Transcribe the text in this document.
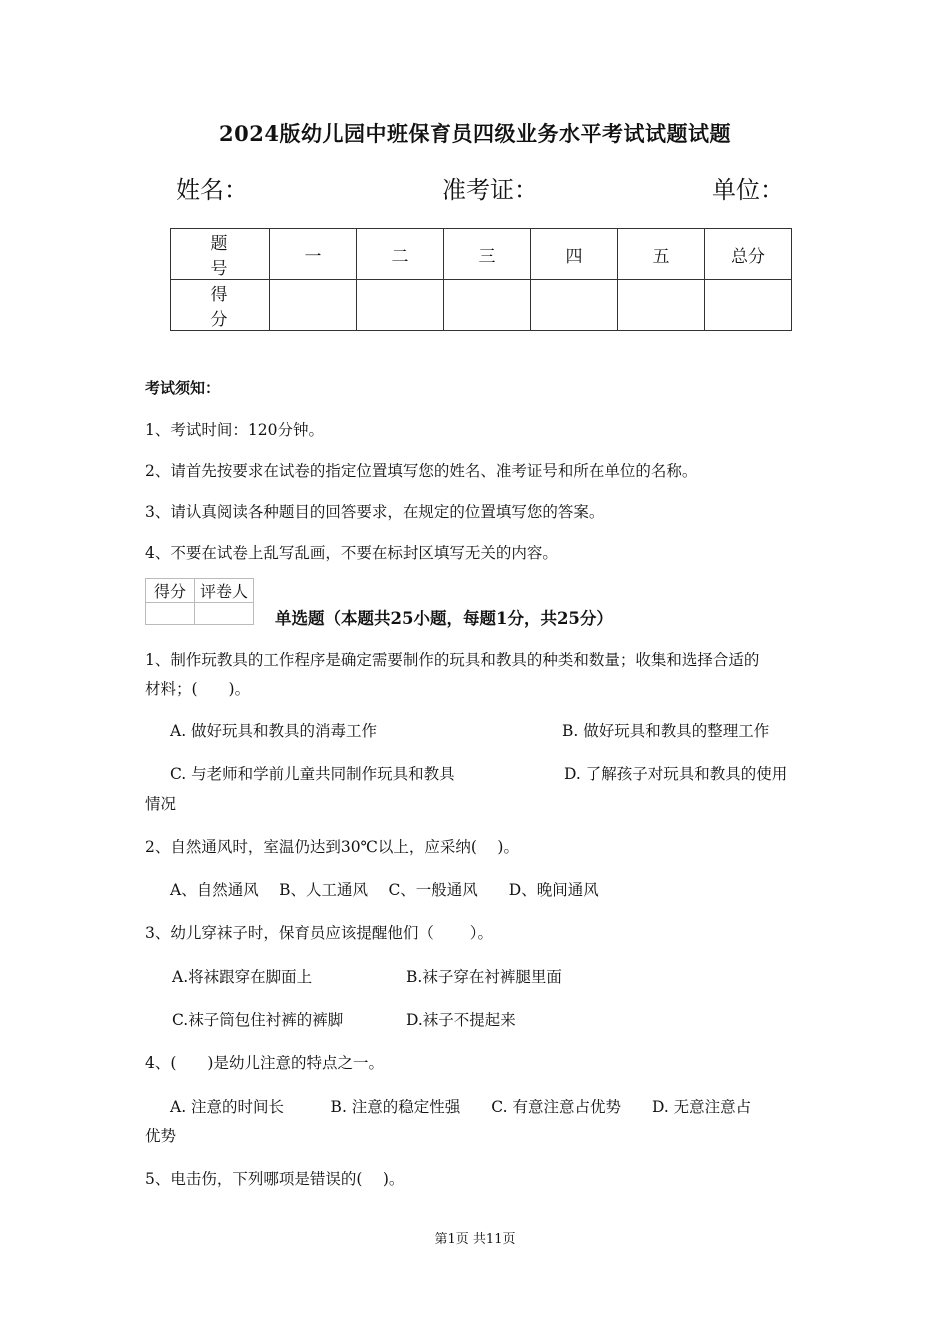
2024版幼儿园中班保育员四级业务水平考试试题试题
姓名：	准考证：	单位：
题　号	一	二	三	四	五	总分
得　分						
考试须知：
1、考试时间：120分钟。
2、请首先按要求在试卷的指定位置填写您的姓名、准考证号和所在单位的名称。
3、请认真阅读各种题目的回答要求，在规定的位置填写您的答案。
4、不要在试卷上乱写乱画，不要在标封区填写无关的内容。
得分	评卷人

单选题（本题共25小题，每题1分，共25分）
1、制作玩教具的工作程序是确定需要制作的玩具和教具的种类和数量；收集和选择合适的
材料；(　　)。
A. 做好玩具和教具的消毒工作	B. 做好玩具和教具的整理工作
C. 与老师和学前儿童共同制作玩具和教具	D. 了解孩子对玩具和教具的使用
情况
2、自然通风时，室温仍达到30℃以上，应采纳(　 )。
A、自然通风　 B、人工通风　 C、一般通风　　D、晚间通风
3、幼儿穿袜子时，保育员应该提醒他们（　　 ）。
A.将袜跟穿在脚面上	B.袜子穿在衬裤腿里面
C.袜子筒包住衬裤的裤脚	D.袜子不提起来
4、(　　)是幼儿注意的特点之一。
A. 注意的时间长　　　B. 注意的稳定性强　　C. 有意注意占优势　　D. 无意注意占
优势
5、电击伤，下列哪项是错误的(　 )。
第1页 共11页
